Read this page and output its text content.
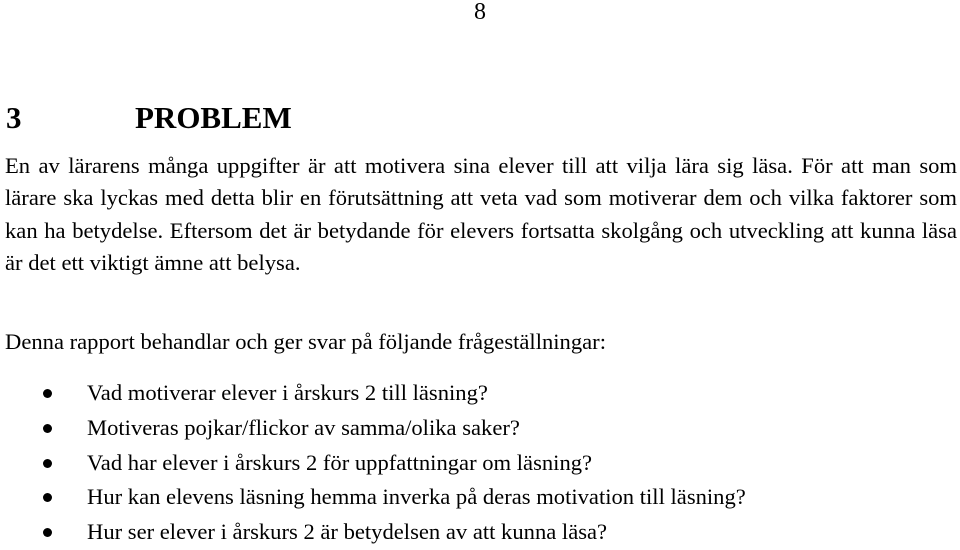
8
3	PROBLEM

En av lärarens många uppgifter är att motivera sina elever till att vilja lära sig läsa. För att man som lärare ska lyckas med detta blir en förutsättning att veta vad som motiverar dem och vilka faktorer som kan ha betydelse. Eftersom det är betydande för elevers fortsatta skolgång och utveckling att kunna läsa är det ett viktigt ämne att belysa.

Denna rapport behandlar och ger svar på följande frågeställningar:

Vad motiverar elever i årskurs 2 till läsning?
Motiveras pojkar/flickor av samma/olika saker?
Vad har elever i årskurs 2 för uppfattningar om läsning?
Hur kan elevens läsning hemma inverka på deras motivation till läsning?
Hur ser elever i årskurs 2 är betydelsen av att kunna läsa?
